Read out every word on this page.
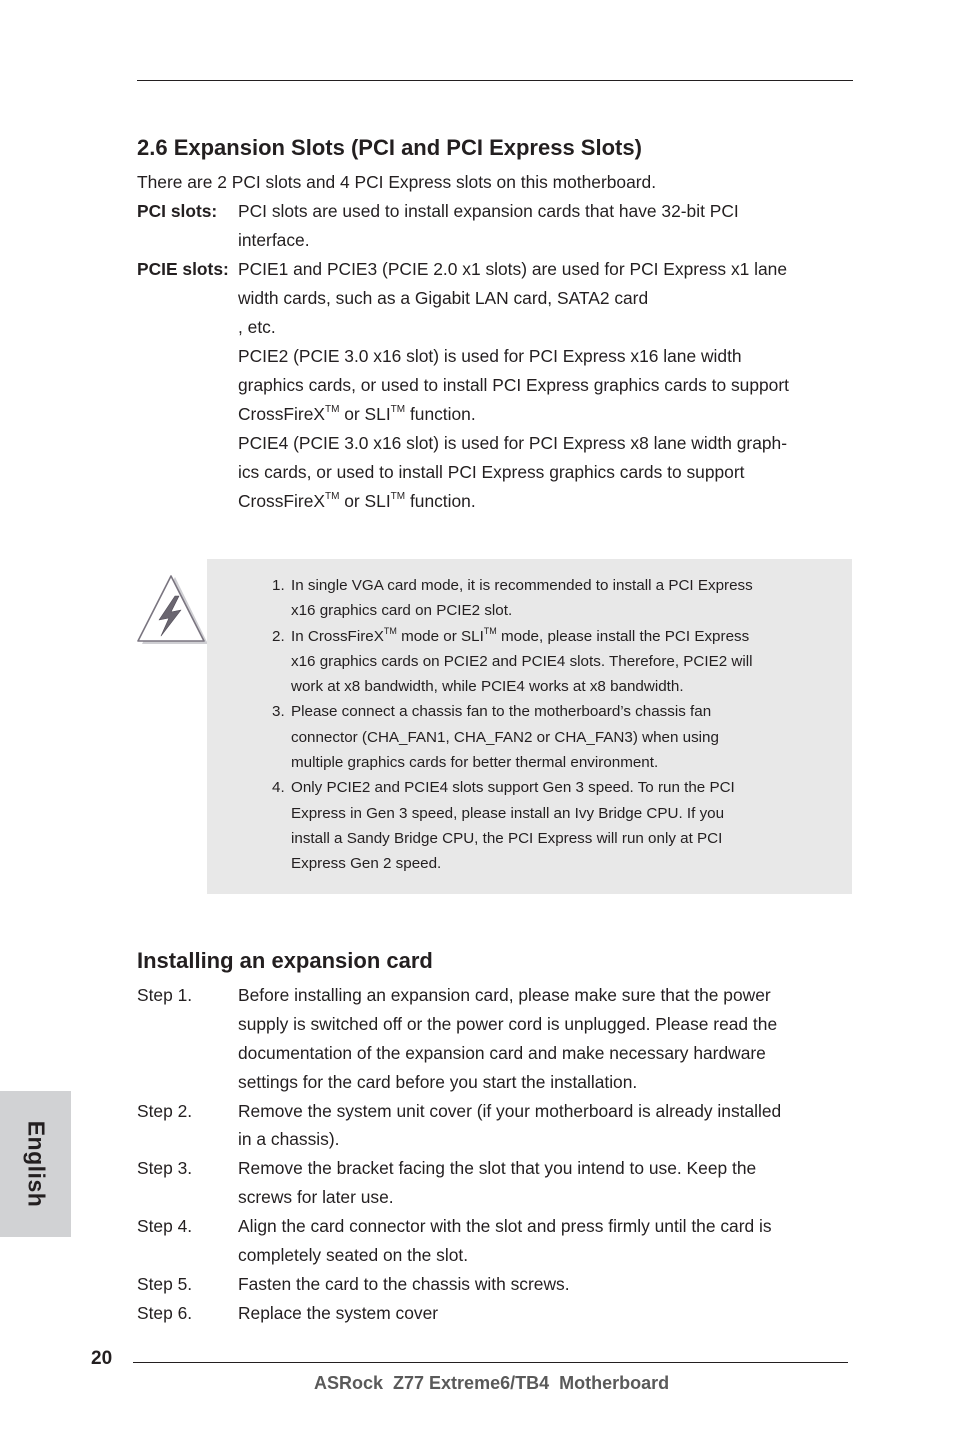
2.6 Expansion Slots (PCI and PCI Express Slots)

There are 2 PCI slots and 4 PCI Express slots on this motherboard.

PCI slots: PCI slots are used to install expansion cards that have 32-bit PCI
interface.
PCIE slots: PCIE1 and PCIE3 (PCIE 2.0 x1 slots) are used for PCI Express x1 lane
width cards, such as a Gigabit LAN card, SATA2 card
, etc.
PCIE2 (PCIE 3.0 x16 slot) is used for PCI Express x16 lane width
graphics cards, or used to install PCI Express graphics cards to support
CrossFireX™ or SLI™ function.
PCIE4 (PCIE 3.0 x16 slot) is used for PCI Express x8 lane width graph-
ics cards, or used to install PCI Express graphics cards to support
CrossFireX™ or SLI™ function.
1. In single VGA card mode, it is recommended to install a PCI Express
x16 graphics card on PCIE2 slot.
2. In CrossFireX™ mode or SLI™ mode, please install the PCI Express
x16 graphics cards on PCIE2 and PCIE4 slots. Therefore, PCIE2 will
work at x8 bandwidth, while PCIE4 works at x8 bandwidth.
3. Please connect a chassis fan to the motherboard’s chassis fan
connector (CHA_FAN1, CHA_FAN2 or CHA_FAN3) when using
multiple graphics cards for better thermal environment.
4. Only PCIE2 and PCIE4 slots support Gen 3 speed. To run the PCI
Express in Gen 3 speed, please install an Ivy Bridge CPU. If you
install a Sandy Bridge CPU, the PCI Express will run only at PCI
Express Gen 2 speed.
Installing an expansion card
Step 1.	Before installing an expansion card, please make sure that the power
supply is switched off or the power cord is unplugged. Please read the
documentation of the expansion card and make necessary hardware
settings for the card before you start the installation.
Step 2.	Remove the system unit cover (if your motherboard is already installed
in a chassis).
Step 3.	Remove the bracket facing the slot that you intend to use. Keep the
screws for later use.
Step 4.	Align the card connector with the slot and press firmly until the card is
completely seated on the slot.
Step 5.	Fasten the card to the chassis with screws.
Step 6.	Replace the system cover
English
20
ASRock  Z77 Extreme6/TB4  Motherboard
